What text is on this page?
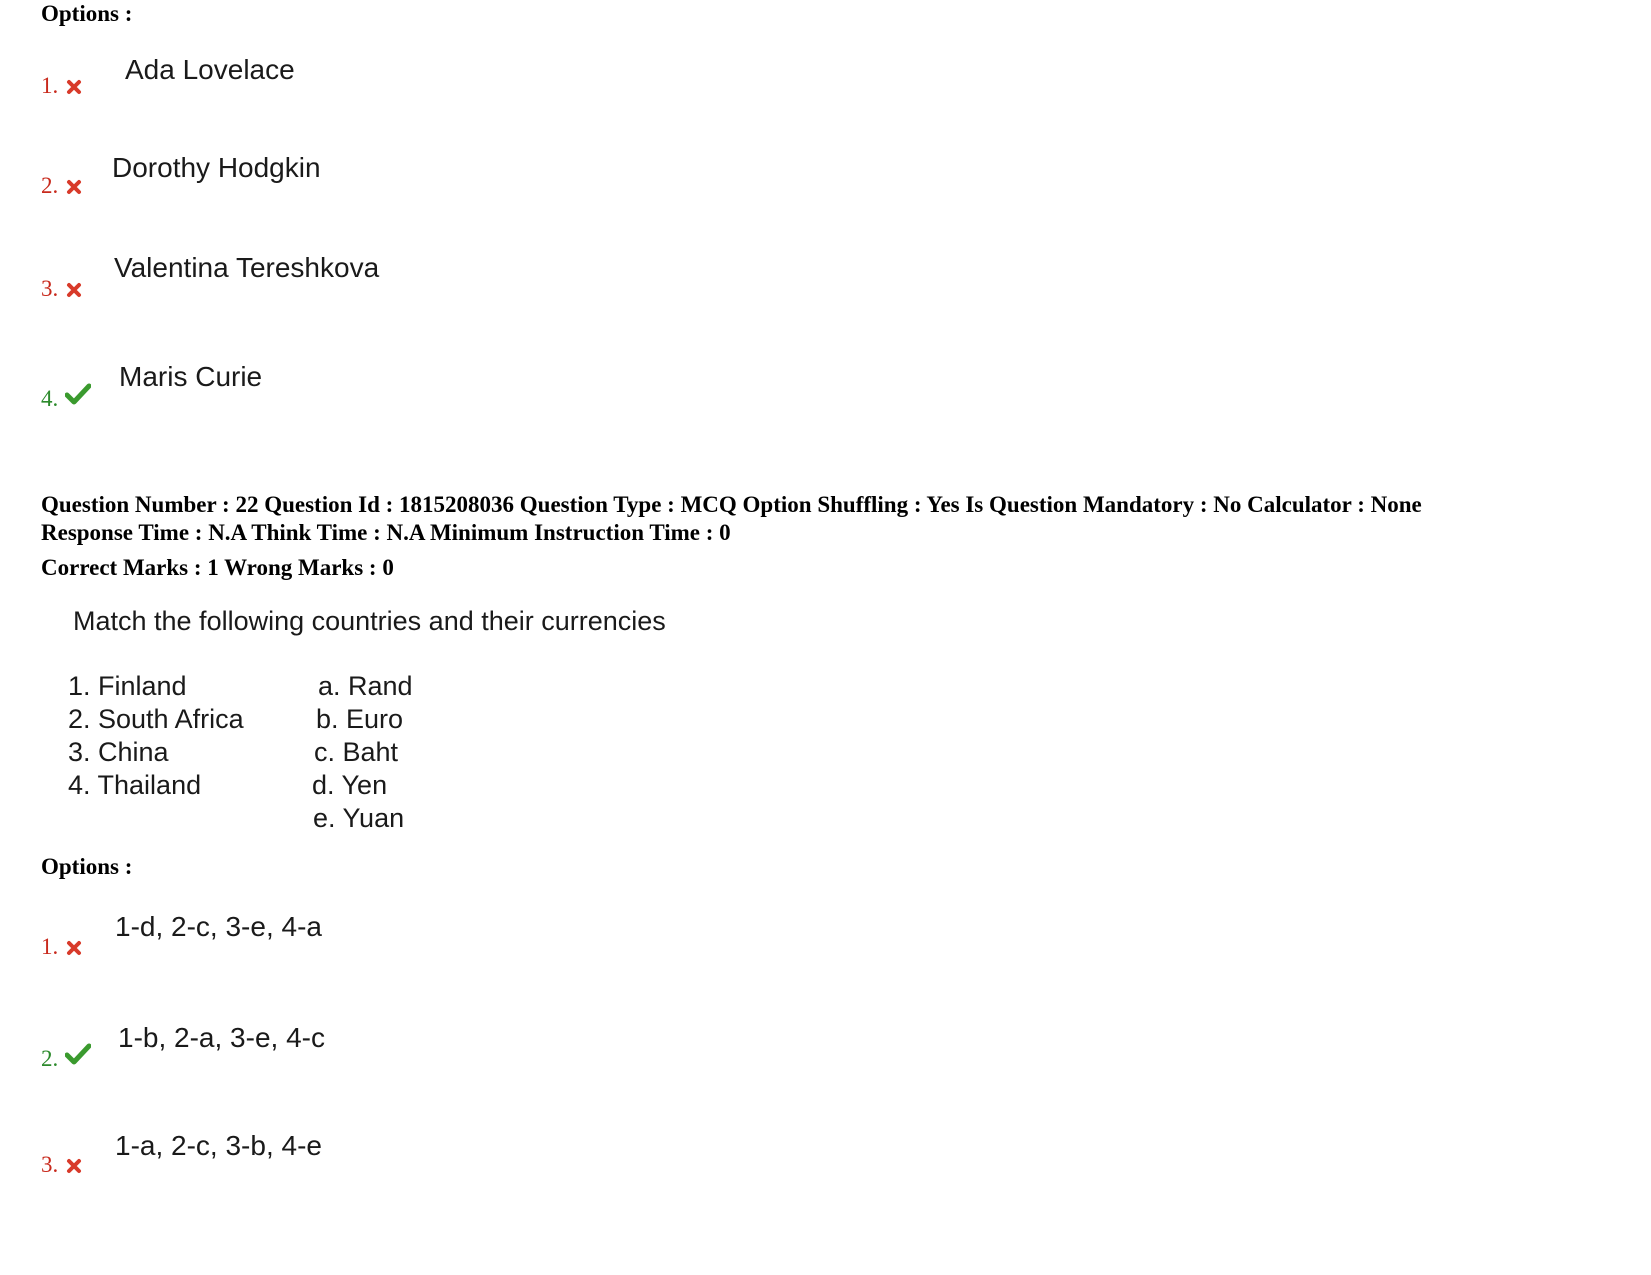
Options :
Ada Lovelace
1.
Dorothy Hodgkin
2.
Valentina Tereshkova
3.
Maris Curie
4.
Question Number : 22 Question Id : 1815208036 Question Type : MCQ Option Shuffling : Yes Is Question Mandatory : No Calculator : None
Response Time : N.A Think Time : N.A Minimum Instruction Time : 0
Correct Marks : 1 Wrong Marks : 0
Match the following countries and their currencies
1. Finland
2. South Africa
3. China
4. Thailand
a. Rand
b. Euro
c. Baht
d. Yen
e. Yuan
Options :
1-d, 2-c, 3-e, 4-a
1.
1-b, 2-a, 3-e, 4-c
2.
1-a, 2-c, 3-b, 4-e
3.
